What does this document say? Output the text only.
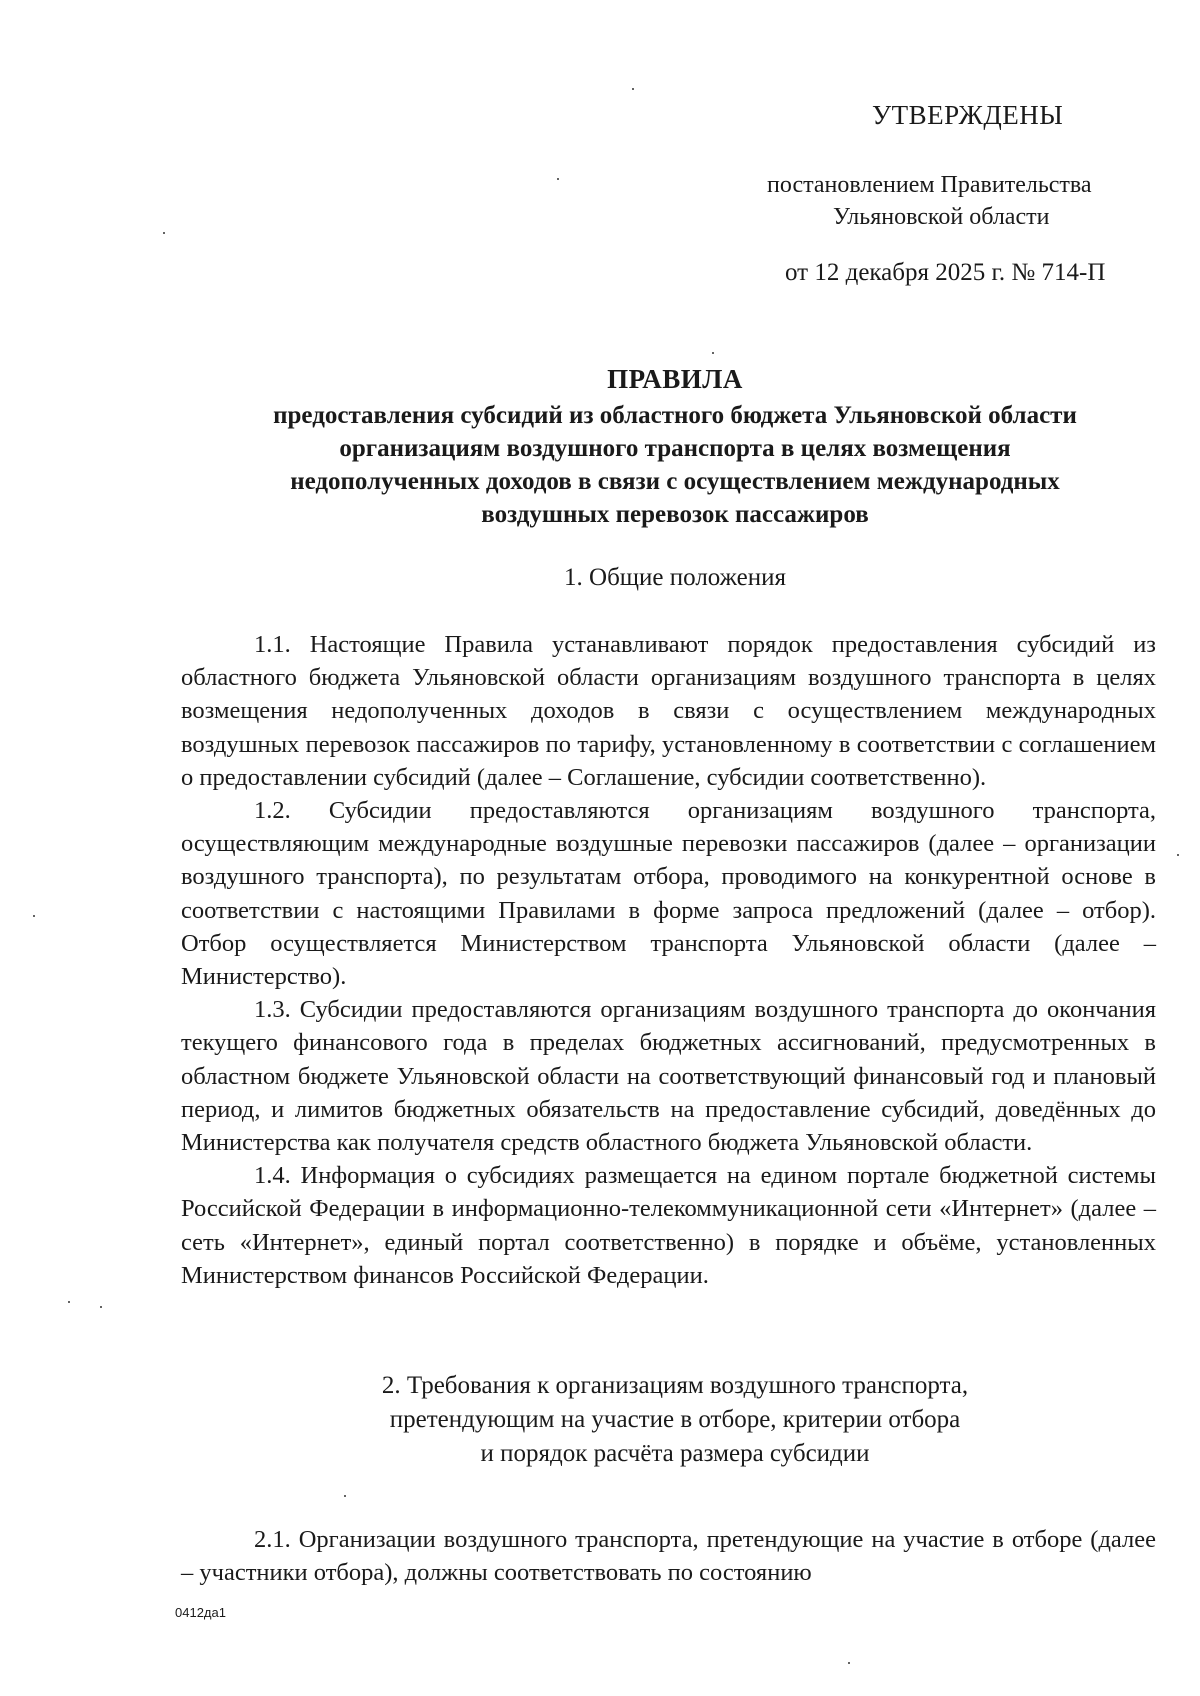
УТВЕРЖДЕНЫ
постановлением Правительства
Ульяновской области
от 12 декабря 2025 г. № 714-П
ПРАВИЛА
предоставления субсидий из областного бюджета Ульяновской области
организациям воздушного транспорта в целях возмещения
недополученных доходов в связи с осуществлением международных
воздушных перевозок пассажиров
1. Общие положения

1.1. Настоящие Правила устанавливают порядок предоставления субсидий из областного бюджета Ульяновской области организациям воздушного транспорта в целях возмещения недополученных доходов в связи с осуществлением международных воздушных перевозок пассажиров по тарифу, установленному в соответствии с соглашением о предоставлении субсидий (далее – Соглашение, субсидии соответственно).

1.2. Субсидии предоставляются организациям воздушного транспорта, осуществляющим международные воздушные перевозки пассажиров (далее – организации воздушного транспорта), по результатам отбора, проводимого на конкурентной основе в соответствии с настоящими Правилами в форме запроса предложений (далее – отбор). Отбор осуществляется Министерством транспорта Ульяновской области (далее – Министерство).

1.3. Субсидии предоставляются организациям воздушного транспорта до окончания текущего финансового года в пределах бюджетных ассигнований, предусмотренных в областном бюджете Ульяновской области на соответствующий финансовый год и плановый период, и лимитов бюджетных обязательств на предоставление субсидий, доведённых до Министерства как получателя средств областного бюджета Ульяновской области.

1.4. Информация о субсидиях размещается на едином портале бюджетной системы Российской Федерации в информационно-телекоммуникационной сети «Интернет» (далее – сеть «Интернет», единый портал соответственно) в порядке и объёме, установленных Министерством финансов Российской Федерации.

2. Требования к организациям воздушного транспорта,
претендующим на участие в отборе, критерии отбора
и порядок расчёта размера субсидии

2.1. Организации воздушного транспорта, претендующие на участие в отборе (далее – участники отбора), должны соответствовать по состоянию

0412да1
